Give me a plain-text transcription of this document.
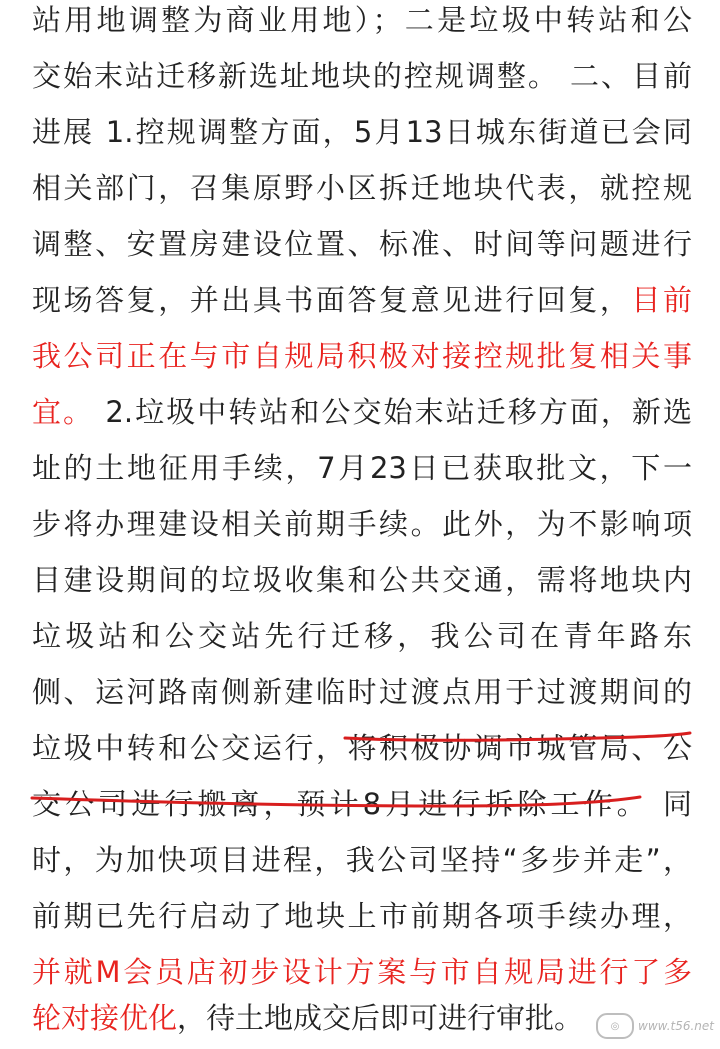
站用地调整为商业用地）；二是垃圾中转站和公
交始末站迁移新选址地块的控规调整。 二、目前
进展 1.控规调整方面，5月13日城东街道已会同
相关部门，召集原野小区拆迁地块代表，就控规
调整、安置房建设位置、标准、时间等问题进行
现场答复，并出具书面答复意见进行回复，目前
我公司正在与市自规局积极对接控规批复相关事
宜。 2.垃圾中转站和公交始末站迁移方面，新选
址的土地征用手续，7月23日已获取批文，下一
步将办理建设相关前期手续。此外，为不影响项
目建设期间的垃圾收集和公共交通，需将地块内
垃圾站和公交站先行迁移，我公司在青年路东
侧、运河路南侧新建临时过渡点用于过渡期间的
垃圾中转和公交运行，将积极协调市城管局、公
交公司进行搬离，预计8月进行拆除工作。 同
时，为加快项目进程，我公司坚持“多步并走”，
前期已先行启动了地块上市前期各项手续办理，
并就M会员店初步设计方案与市自规局进行了多
轮对接优化，待土地成交后即可进行审批。	◎	www.t56.net
